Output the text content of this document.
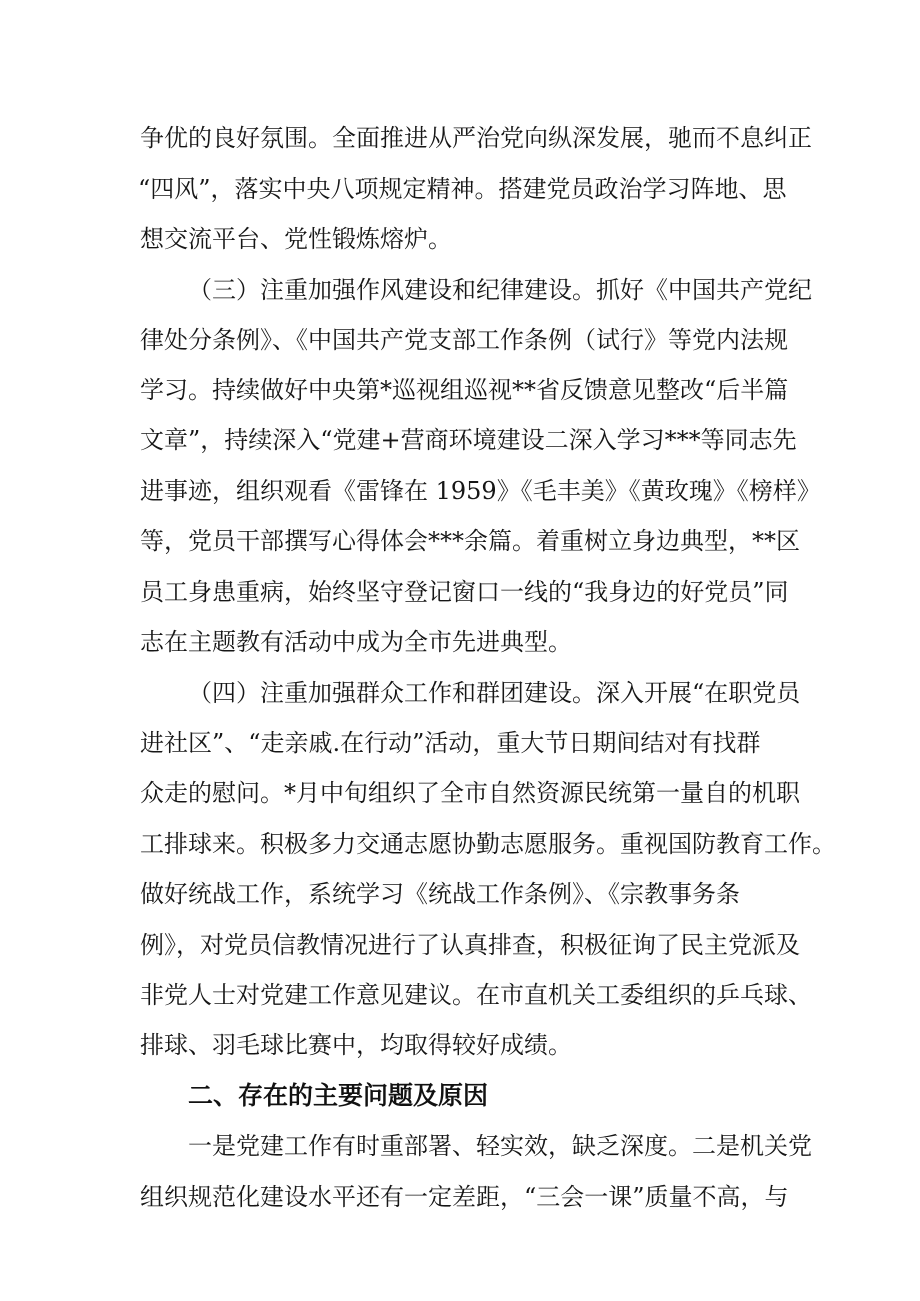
争优的良好氛围。全面推进从严治党向纵深发展，驰而不息纠正
“四风”，落实中央八项规定精神。搭建党员政治学习阵地、思
想交流平台、党性锻炼熔炉。
（三）注重加强作风建设和纪律建设。抓好《中国共产党纪
律处分条例》、《中国共产党支部工作条例（试行》等党内法规
学习。持续做好中央第*巡视组巡视**省反馈意见整改“后半篇
文章”，持续深入“党建+营商环境建设二深入学习***等同志先
进事迹，组织观看《雷锋在 1959》《毛丰美》《黄玫瑰》《榜样》
等，党员干部撰写心得体会***余篇。着重树立身边典型，**区
员工身患重病，始终坚守登记窗口一线的“我身边的好党员”同
志在主题教有活动中成为全市先进典型。
（四）注重加强群众工作和群团建设。深入开展“在职党员
进社区”、“走亲戚.在行动”活动，重大节日期间结对有找群
众走的慰问。*月中旬组织了全市自然资源民统第一量自的机职
工排球来。积极多力交通志愿协勤志愿服务。重视国防教育工作。
做好统战工作，系统学习《统战工作条例》、《宗教事务条
例》，对党员信教情况进行了认真排查，积极征询了民主党派及
非党人士对党建工作意见建议。在市直机关工委组织的乒乓球、
排球、羽毛球比赛中，均取得较好成绩。
二、存在的主要问题及原因
一是党建工作有时重部署、轻实效，缺乏深度。二是机关党
组织规范化建设水平还有一定差距，“三会一课”质量不高，与
